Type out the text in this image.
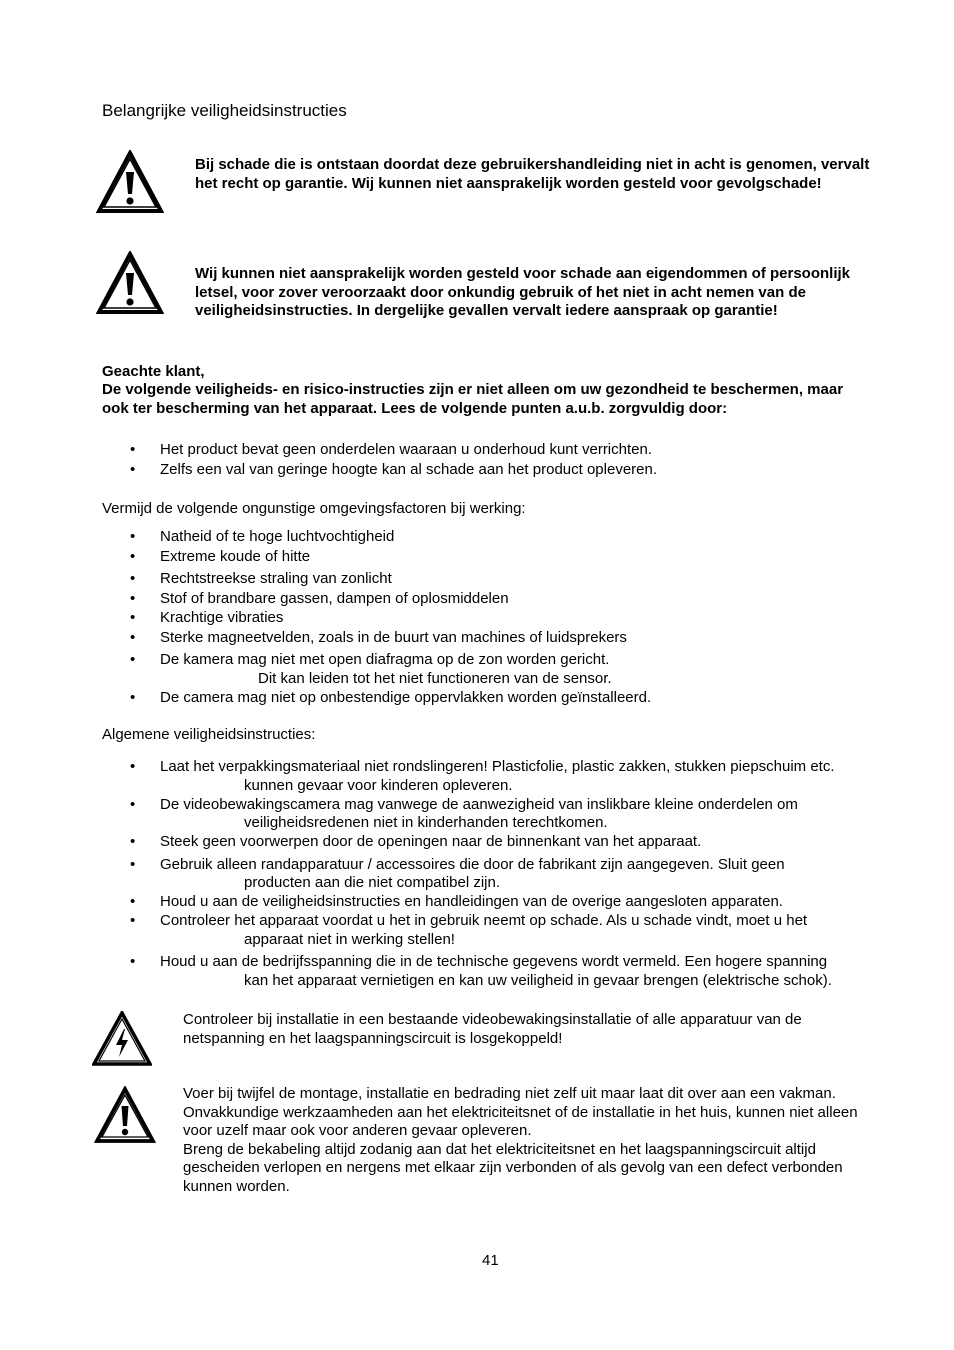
Belangrijke veiligheidsinstructies
Bij schade die is ontstaan doordat deze gebruikershandleiding niet in acht is genomen, vervalt het recht op garantie. Wij kunnen niet aansprakelijk worden gesteld voor gevolgschade!
Wij kunnen niet aansprakelijk worden gesteld voor schade aan eigendommen of persoonlijk letsel, voor zover veroorzaakt door onkundig gebruik of het niet in acht nemen van de veiligheidsinstructies. In dergelijke gevallen vervalt iedere aanspraak op garantie!
Geachte klant,
De volgende veiligheids- en risico-instructies zijn er niet alleen om uw gezondheid te beschermen, maar ook ter bescherming van het apparaat. Lees de volgende punten a.u.b. zorgvuldig door:
• Het product bevat geen onderdelen waaraan u onderhoud kunt verrichten.
• Zelfs een val van geringe hoogte kan al schade aan het product opleveren.
Vermijd de volgende ongunstige omgevingsfactoren bij werking:
• Natheid of te hoge luchtvochtigheid
• Extreme koude of hitte
• Rechtstreekse straling van zonlicht
• Stof of brandbare gassen, dampen of oplosmiddelen
• Krachtige vibraties
• Sterke magneetvelden, zoals in de buurt van machines of luidsprekers
• De kamera mag niet met open diafragma op de zon worden gericht.
Dit kan leiden tot het niet functioneren van de sensor.
• De camera mag niet op onbestendige oppervlakken worden geïnstalleerd.
Algemene veiligheidsinstructies:
• Laat het verpakkingsmateriaal niet rondslingeren! Plasticfolie, plastic zakken, stukken piepschuim etc.
kunnen gevaar voor kinderen opleveren.
• De videobewakingscamera mag vanwege de aanwezigheid van inslikbare kleine onderdelen om
veiligheidsredenen niet in kinderhanden terechtkomen.
• Steek geen voorwerpen door de openingen naar de binnenkant van het apparaat.
• Gebruik alleen randapparatuur / accessoires die door de fabrikant zijn aangegeven. Sluit geen
producten aan die niet compatibel zijn.
• Houd u aan de veiligheidsinstructies en handleidingen van de overige aangesloten apparaten.
• Controleer het apparaat voordat u het in gebruik neemt op schade. Als u schade vindt, moet u het
apparaat niet in werking stellen!
• Houd u aan de bedrijfsspanning die in de technische gegevens wordt vermeld. Een hogere spanning
kan het apparaat vernietigen en kan uw veiligheid in gevaar brengen (elektrische schok).
Controleer bij installatie in een bestaande videobewakingsinstallatie of alle apparatuur van de netspanning en het laagspanningscircuit is losgekoppeld!
Voer bij twijfel de montage, installatie en bedrading niet zelf uit maar laat dit over aan een vakman. Onvakkundige werkzaamheden aan het elektriciteitsnet of de installatie in het huis, kunnen niet alleen voor uzelf maar ook voor anderen gevaar opleveren.
Breng de bekabeling altijd zodanig aan dat het elektriciteitsnet en het laagspanningscircuit altijd gescheiden verlopen en nergens met elkaar zijn verbonden of als gevolg van een defect verbonden kunnen worden.
41
